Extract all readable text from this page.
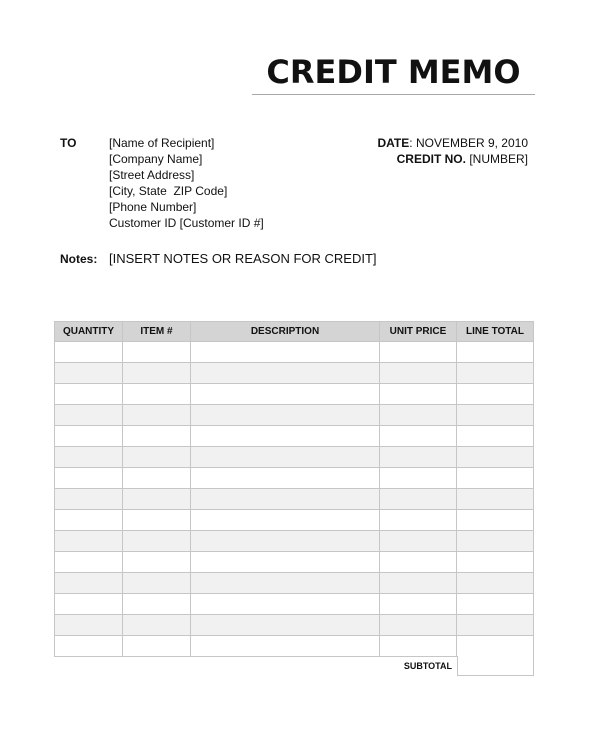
CREDIT MEMO
TO	[Name of Recipient]
[Company Name]
[Street Address]
[City, State  ZIP Code]
[Phone Number]
Customer ID [Customer ID #]
DATE: NOVEMBER 9, 2010
CREDIT NO. [NUMBER]
Notes: [INSERT NOTES OR REASON FOR CREDIT]
QUANTITY	ITEM #	DESCRIPTION	UNIT PRICE	LINE TOTAL

SUBTOTAL
